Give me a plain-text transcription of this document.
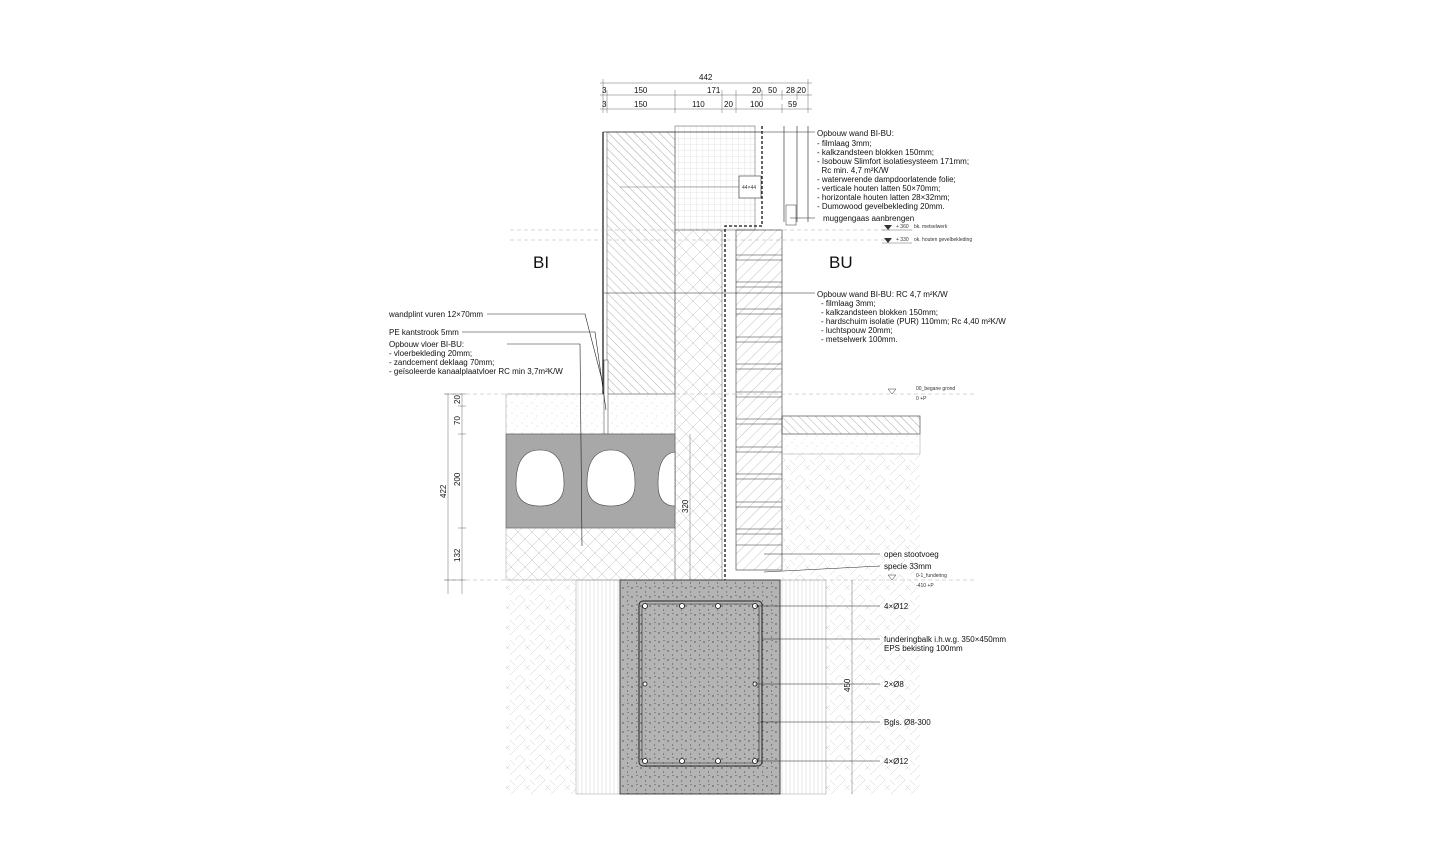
442
3	150	171	20 50 28 20
3	150	110 20 100	59
44×44
BI	BU
422
20
70
200
132
320
450
+ 360 bk. metselwerk
+ 330 ok. houten gevelbekleding
00_begane grond
0 +P
0-1_fundering
-410 +P
Opbouw wand BI-BU:
- filmlaag 3mm;
- kalkzandsteen blokken 150mm;
- Isobouw Slimfort isolatiesysteem 171mm;
Rc min. 4,7 m²K/W
- waterwerende dampdoorlatende folie;
- verticale houten latten 50×70mm;
- horizontale houten latten 28×32mm;
- Dumowood gevelbekleding 20mm.
muggengaas aanbrengen
Opbouw wand BI-BU: RC 4,7 m²K/W
- filmlaag 3mm;
- kalkzandsteen blokken 150mm;
- hardschuim isolatie (PUR) 110mm; Rc 4,40 m²K/W
- luchtspouw 20mm;
- metselwerk 100mm.
wandplint vuren 12×70mm
PE kantstrook 5mm
Opbouw vloer BI-BU:
- vloerbekleding 20mm;
- zandcement deklaag 70mm;
- geïsoleerde kanaalplaatvloer RC min 3,7m²K/W
open stootvoeg
specie 33mm
4×Ø12
funderingbalk i.h.w.g. 350×450mm
EPS bekisting 100mm
2×Ø8
Bgls. Ø8-300
4×Ø12
